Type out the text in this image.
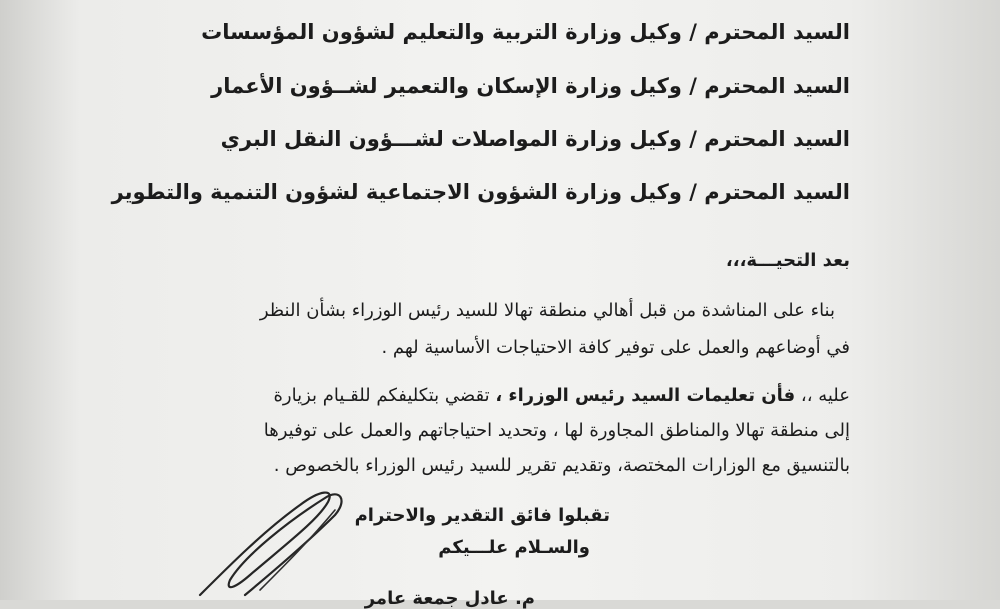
السيد المحترم / وكيل وزارة التربية والتعليم لشؤون المؤسسات
السيد المحترم / وكيل وزارة الإسكان والتعمير لشــؤون الأعمار
السيد المحترم / وكيل وزارة المواصلات لشـــؤون النقل البري
السيد المحترم / وكيل وزارة الشؤون الاجتماعية لشؤون التنمية والتطوير
بعد التحيـــة،،،
بناء على المناشدة من قبل أهالي منطقة تهالا للسيد رئيس الوزراء بشأن النظر
في أوضاعهم والعمل على توفير كافة الاحتياجات الأساسية لهم .
عليه ،، فأن تعليمات السيد رئيس الوزراء ، تقضي بتكليفكم للقـيام بزيارة
إلى منطقة تهالا والمناطق المجاورة لها ، وتحديد احتياجاتهم والعمل على توفيرها
بالتنسيق مع الوزارات المختصة، وتقديم تقرير للسيد رئيس الوزراء بالخصوص .
تقبلوا فائق التقدير والاحترام
والسـلام علـــيكم
م. عادل جمعة عامر
